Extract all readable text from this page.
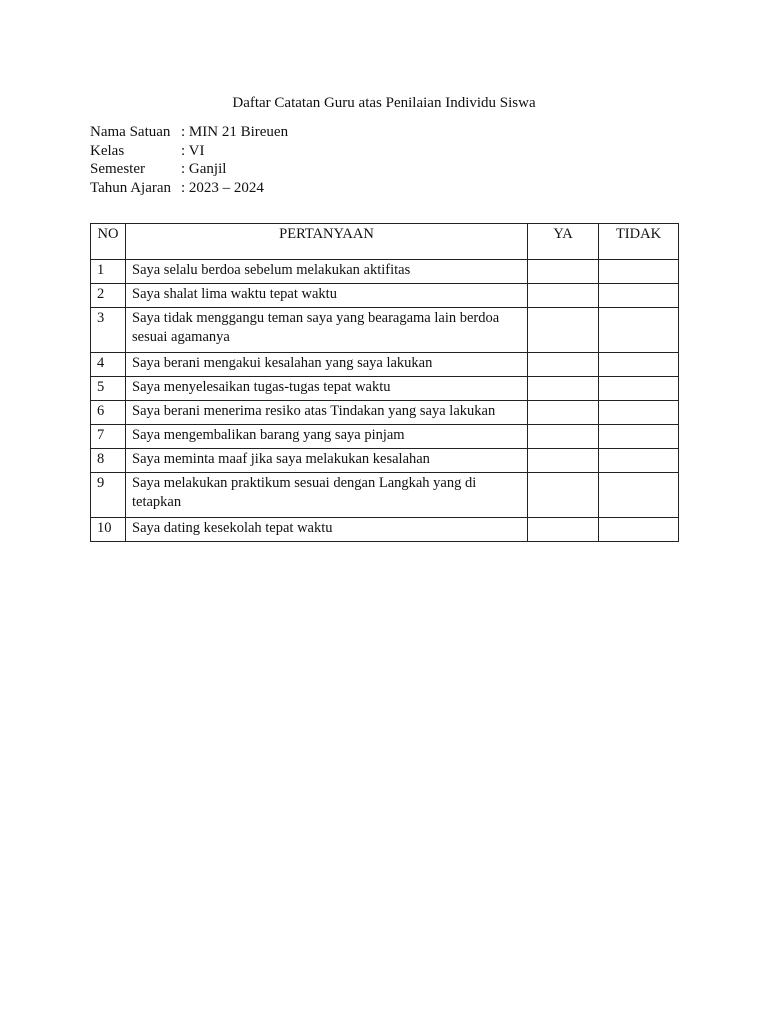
Daftar Catatan Guru atas Penilaian Individu Siswa
Nama Satuan	: MIN 21 Bireuen
Kelas	: VI
Semester	: Ganjil
Tahun Ajaran	: 2023 – 2024
NO	PERTANYAAN	YA	TIDAK
1	Saya selalu berdoa sebelum melakukan aktifitas		
2	Saya shalat lima waktu tepat waktu		
3	Saya tidak menggangu teman saya yang bearagama lain berdoa sesuai agamanya		
4	Saya berani mengakui kesalahan yang saya lakukan		
5	Saya menyelesaikan tugas-tugas tepat waktu		
6	Saya berani menerima resiko atas Tindakan yang saya lakukan		
7	Saya mengembalikan barang yang saya pinjam		
8	Saya meminta maaf jika saya melakukan kesalahan		
9	Saya melakukan praktikum sesuai dengan Langkah yang di tetapkan		
10	Saya dating kesekolah tepat waktu		
